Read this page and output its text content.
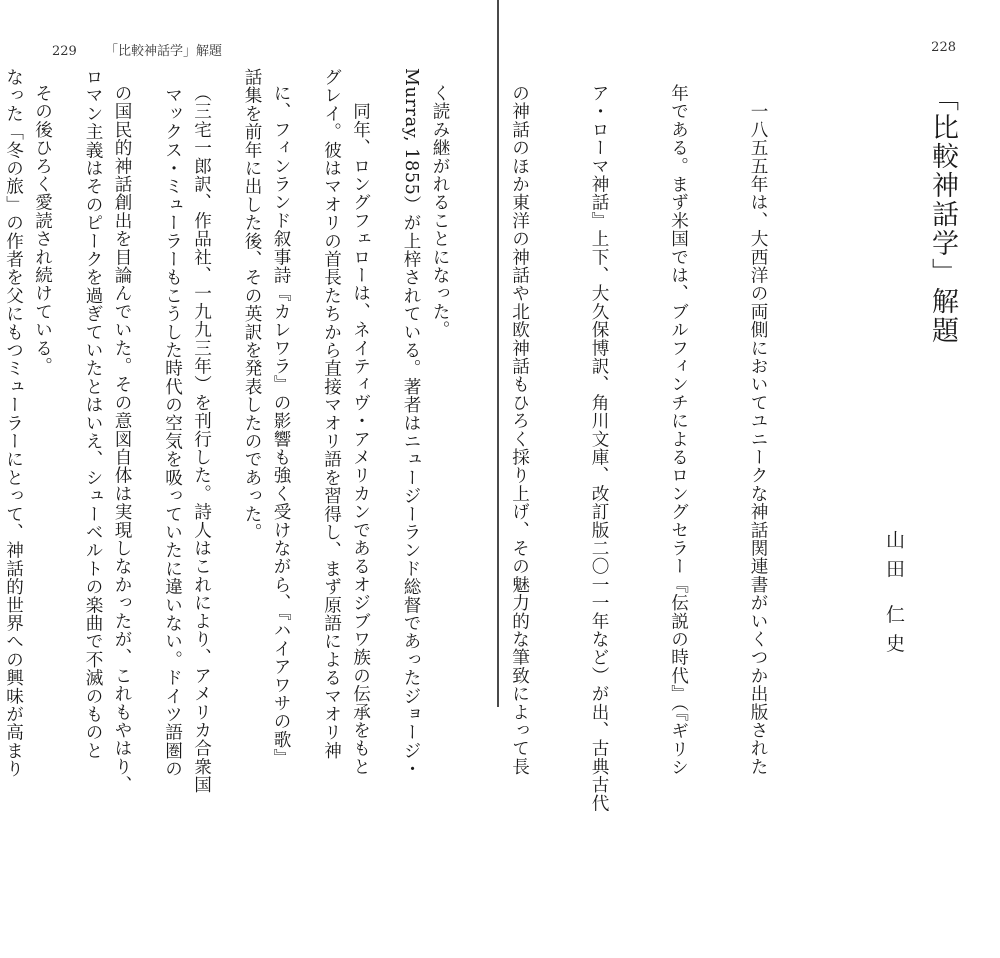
229 「比較神話学」解題

Murray, 1855）が上梓されている。著者はニュージーランド総督であったジョージ・

グレイ。彼はマオリの首長たちから直接マオリ語を習得し、まず原語によるマオリ神

話集を前年に出した後、その英訳を発表したのであった。

　マックス・ミューラーもこうした時代の空気を吸っていたに違いない。ドイツ語圏の

ロマン主義はそのピークを過ぎていたとはいえ、シューベルトの楽曲で不滅のものと

なった「冬の旅」の作者を父にもつミューラーにとって、神話的世界への興味が高まり

228
「比較神話学」解題
山田 仁史

　一八五五年は、大西洋の両側においてユニークな神話関連書がいくつか出版された

年である。まず米国では、ブルフィンチによるロングセラー『伝説の時代』（『ギリシ

ア・ローマ神話』上下、大久保博訳、角川文庫、改訂版二〇一一年など）が出、古典古代

の神話のほか東洋の神話や北欧神話もひろく採り上げ、その魅力的な筆致によって長

く読み継がれることになった。

　同年、ロングフェローは、ネイティヴ・アメリカンであるオジブワ族の伝承をもと

に、フィンランド叙事詩『カレワラ』の影響も強く受けながら、『ハイアワサの歌』

（三宅一郎訳、作品社、一九九三年）を刊行した。詩人はこれにより、アメリカ合衆国

の国民的神話創出を目論んでいた。その意図自体は実現しなかったが、これもやはり、

その後ひろく愛読され続けている。
